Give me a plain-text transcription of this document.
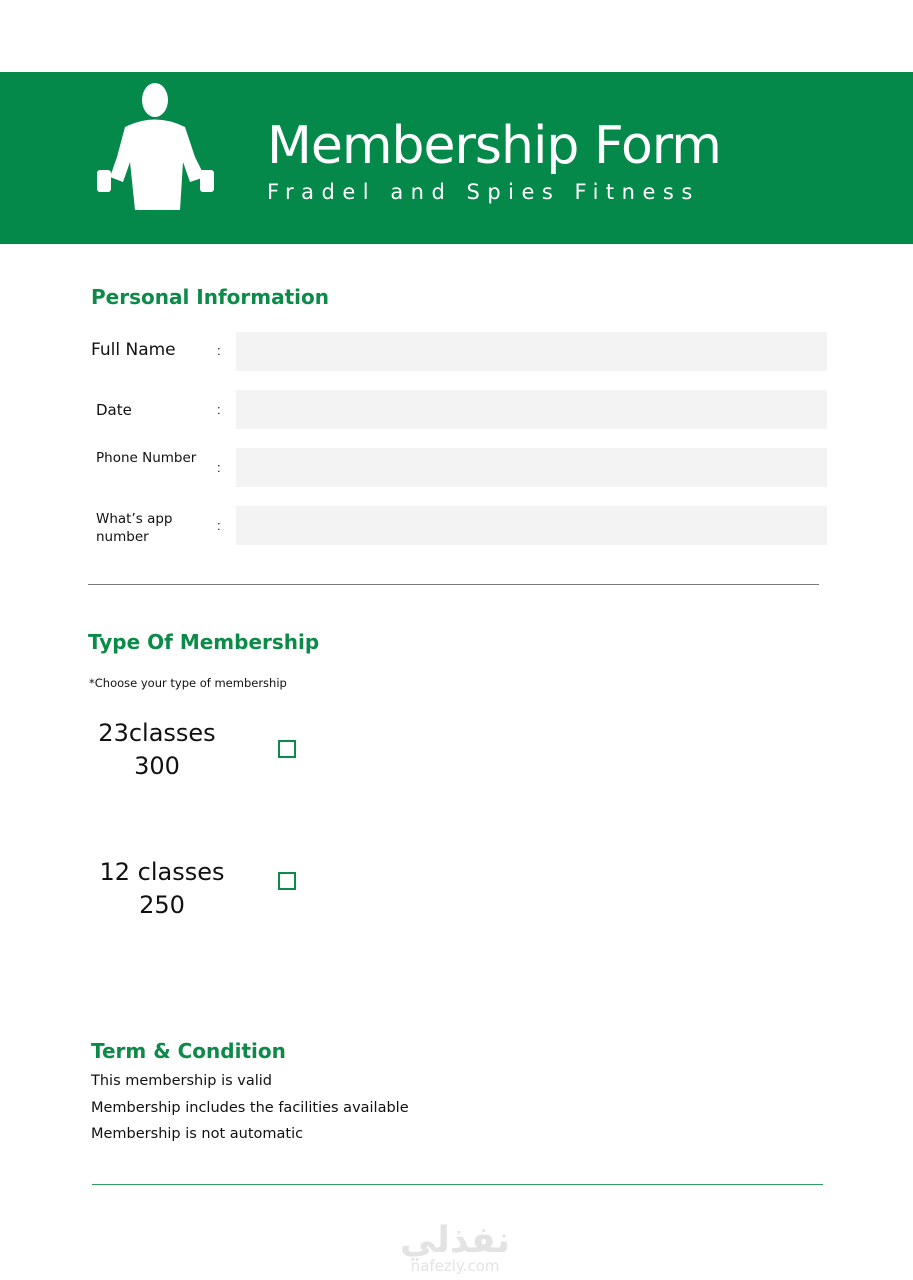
Membership Form
Fradel and Spies Fitness
Personal Information
Full Name	:
Date	:
Phone Number
:
What’s app number
:
Type Of Membership
*Choose your type of membership
23classes
300
12 classes
250
Term & Condition
This membership is valid
Membership includes the facilities available
Membership is not automatic
نفذلي
nafezly.com
